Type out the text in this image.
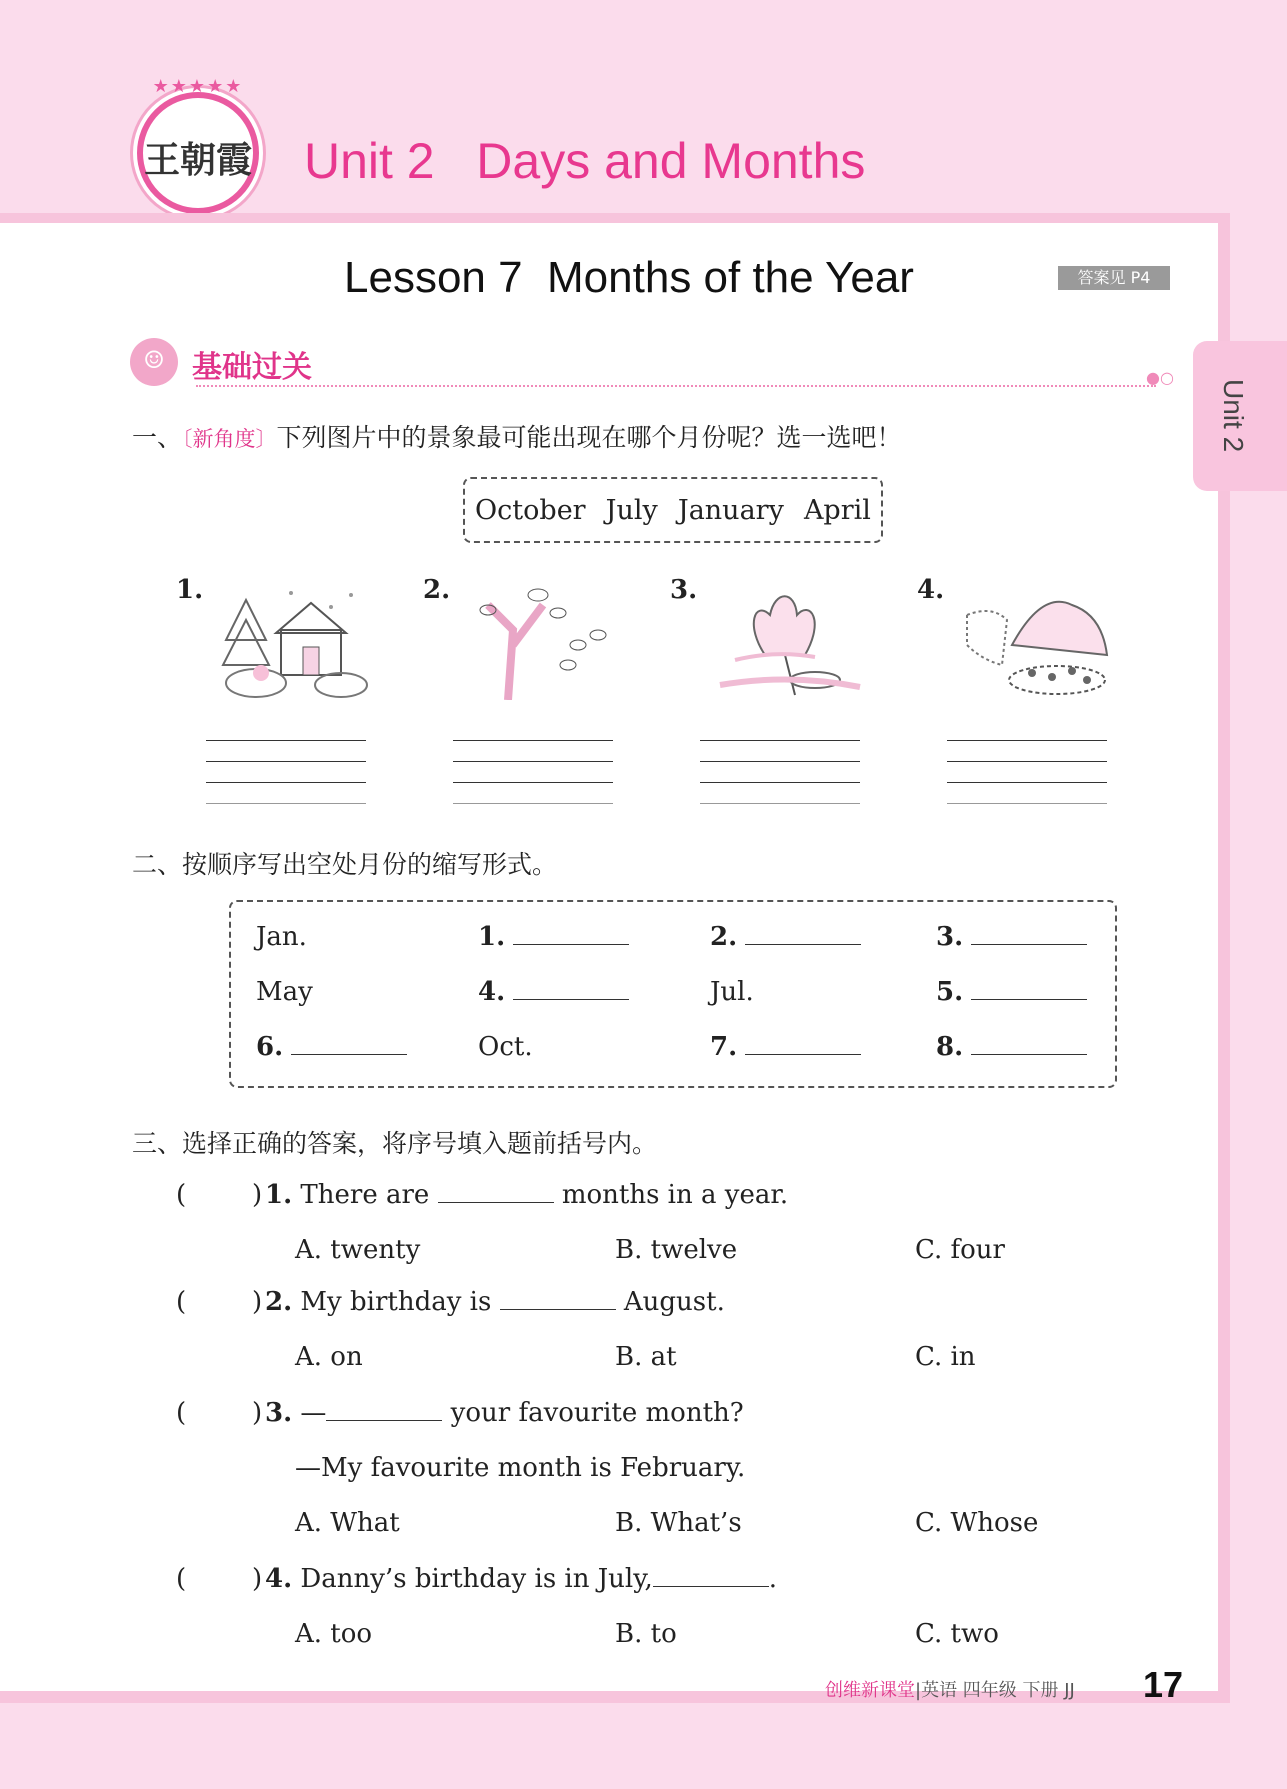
★★★★★
王朝霞 Unit 2   Days and Months
Unit 2
Lesson 7  Months of the Year	答案见 P4
☺ 基础过关	●○
一、〔新角度〕下列图片中的景象最可能出现在哪个月份呢？选一选吧！
October July January April
1.	2.	3.	4.
二、按顺序写出空处月份的缩写形式。
Jan.	1.	2.	3.
May	4.	Jul.	5.
6.	Oct.	7.	8.
三、选择正确的答案，将序号填入题前括号内。
(	) 1. There are	months in a year.
A. twenty	B. twelve	C. four
(	) 2. My birthday is	August.
A. on	B. at	C. in
(	) 3. —	your favourite month?
—My favourite month is February.
A. What	B. What’s	C. Whose
(	) 4. Danny’s birthday is in July,	.
A. too	B. to	C. two
创维新课堂|英语 四年级 下册 JJ 17
